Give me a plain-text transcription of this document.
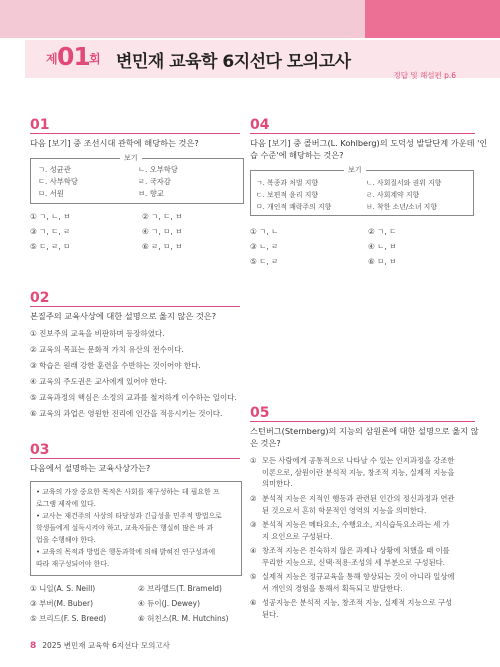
제 01 회 변민재 교육학 6지선다 모의고사
정답 및 해설편 p.6
01
다음 [보기] 중 조선시대 관학에 해당하는 것은?
보기
ㄱ. 성균관	ㄴ. 오부학당
ㄷ. 사부학당	ㄹ. 국자감
ㅁ. 서원	ㅂ. 향교
① ㄱ, ㄴ, ㅂ	② ㄱ, ㄷ, ㅂ
③ ㄱ, ㄷ, ㄹ	④ ㄱ, ㅁ, ㅂ
⑤ ㄷ, ㄹ, ㅁ	⑥ ㄹ, ㅁ, ㅂ
02
본질주의 교육사상에 대한 설명으로 옳지 않은 것은?
① 진보주의 교육을 비판하며 등장하였다.
② 교육의 목표는 문화적 가치 유산의 전수이다.
③ 학습은 원래 강한 훈련을 수반하는 것이어야 한다.
④ 교육의 주도권은 교사에게 있어야 한다.
⑤ 교육과정의 핵심은 소정의 교과를 철저하게 이수하는 일이다.
⑥ 교육의 과업은 영원한 진리에 인간을 적응시키는 것이다.
03
다음에서 설명하는 교육사상가는?
• 교육의 가장 중요한 목적은 사회를 재구성하는 데 필요한 프
로그램 제작에 있다.
• 교사는 재건주의 사상의 타당성과 긴급성을 민주적 방법으로
학생들에게 설득시켜야 하고, 교육자들은 행실히 많은 바 과
업을 수행해야 한다.
• 교육의 목적과 방법은 행동과학에 의해 밝혀진 연구성과에
따라 재구성되어야 한다.
① 니일(A. S. Neill)	② 브라멜드(T. Brameld)
③ 부버(M. Buber)	④ 듀이(J. Dewey)
⑤ 브리드(F. S. Breed)	⑥ 허친스(R. M. Hutchins)
04
다음 [보기] 중 콜버그(L. Kohlberg)의 도덕성 발달단계 가운데 '인
습 수준'에 해당하는 것은?
보기
ㄱ. 복종과 처벌 지향	ㄴ. 사회질서와 권위 지향
ㄷ. 보편적 윤리 지향	ㄹ. 사회계약 지향
ㅁ. 개인적 쾌락주의 지향	ㅂ. 착한 소년/소녀 지향
① ㄱ, ㄴ	② ㄱ, ㄷ
③ ㄴ, ㄹ	④ ㄴ, ㅂ
⑤ ㄷ, ㄹ	⑥ ㅁ, ㅂ
05
스턴버그(Sternberg)의 지능의 삼원론에 대한 설명으로 옳지 않
은 것은?
① 모든 사람에게 공통적으로 나타날 수 있는 인지과정을 강조한
이론으로, 삼원이란 분석적 지능, 창조적 지능, 실제적 지능을
의미한다.
② 분석적 지능은 지적인 행동과 관련된 인간의 정신과정과 연관
된 것으로서 흔히 학문적인 영역의 지능을 의미한다.
③ 분석적 지능은 메타요소, 수행요소, 지식습득요소라는 세 가
지 요인으로 구성된다.
④ 창조적 지능은 친숙하지 않은 과제나 상황에 처했을 때 이를
무리한 지능으로, 신택·적용·조성의 세 부분으로 구성된다.
⑤ 실제적 지능은 정규교육을 통해 향상되는 것이 아니라 일상에
서 개인의 경험을 통해서 획득되고 발달한다.
⑥ 성공지능은 분석적 지능, 창조적 지능, 실제적 지능으로 구성
된다.
8 2025 변민재 교육학 6지선다 모의고사
